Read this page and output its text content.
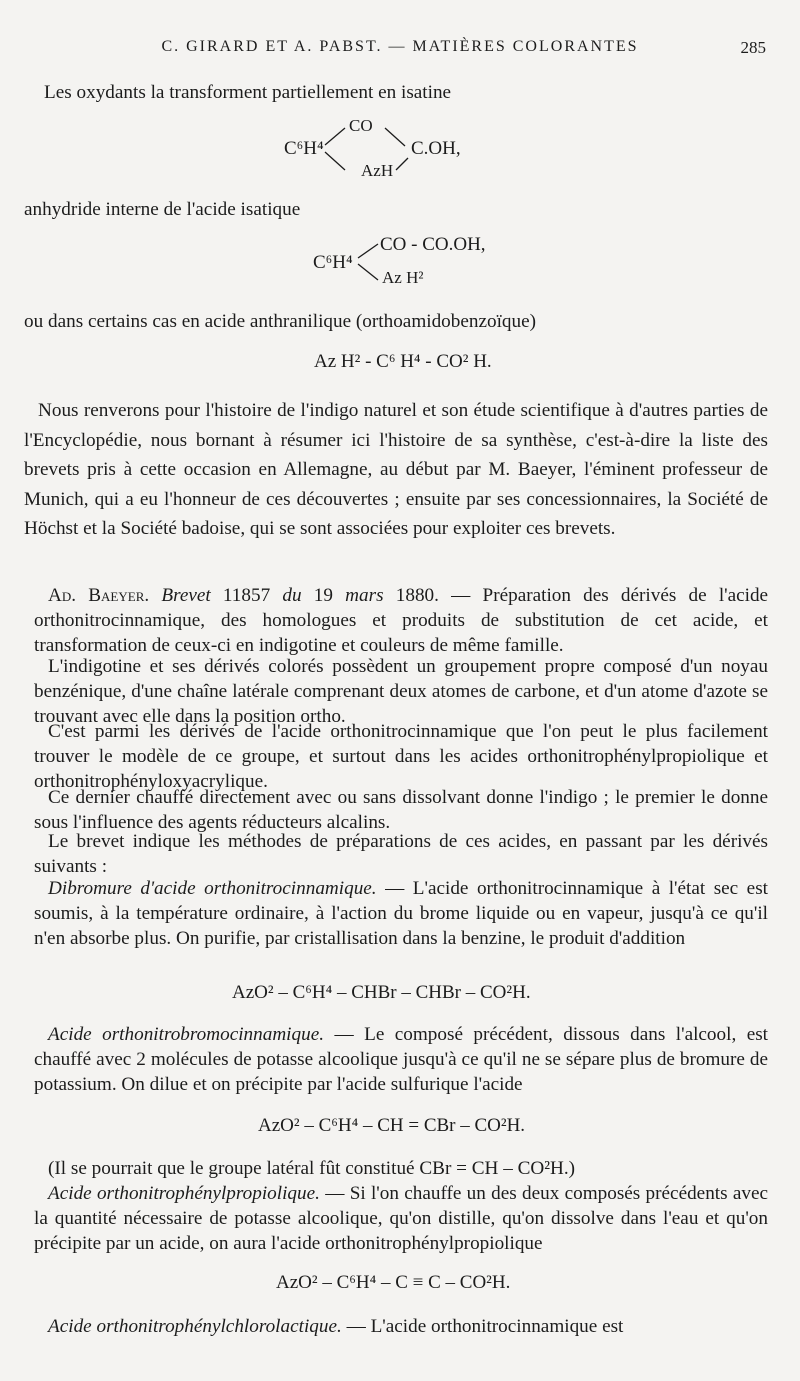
C. GIRARD ET A. PABST. — MATIÈRES COLORANTES	285
Les oxydants la transforment partiellement en isatine
C⁶H⁴
CO
C.OH,
AzH
anhydride interne de l'acide isatique
C⁶H⁴
CO - CO.OH,
Az H²
ou dans certains cas en acide anthranilique (orthoamidobenzoïque)
Az H² - C⁶ H⁴ - CO² H.
Nous renverons pour l'histoire de l'indigo naturel et son étude scientifique à d'autres parties de l'Encyclopédie, nous bornant à résumer ici l'histoire de sa synthèse, c'est-à-dire la liste des brevets pris à cette occasion en Allemagne, au début par M. Baeyer, l'éminent professeur de Munich, qui a eu l'honneur de ces découvertes ; ensuite par ses concessionnaires, la Société de Höchst et la Société badoise, qui se sont associées pour exploiter ces brevets.
Ad. Baeyer. Brevet 11857 du 19 mars 1880. — Préparation des dérivés de l'acide orthonitrocinnamique, des homologues et produits de substitution de cet acide, et transformation de ceux-ci en indigotine et couleurs de même famille.
L'indigotine et ses dérivés colorés possèdent un groupement propre composé d'un noyau benzénique, d'une chaîne latérale comprenant deux atomes de carbone, et d'un atome d'azote se trouvant avec elle dans la position ortho.
C'est parmi les dérivés de l'acide orthonitrocinnamique que l'on peut le plus facilement trouver le modèle de ce groupe, et surtout dans les acides orthonitrophénylpropiolique et orthonitrophényloxyacrylique.
Ce dernier chauffé directement avec ou sans dissolvant donne l'indigo ; le premier le donne sous l'influence des agents réducteurs alcalins.
Le brevet indique les méthodes de préparations de ces acides, en passant par les dérivés suivants :
Dibromure d'acide orthonitrocinnamique. — L'acide orthonitrocinnamique à l'état sec est soumis, à la température ordinaire, à l'action du brome liquide ou en vapeur, jusqu'à ce qu'il n'en absorbe plus. On purifie, par cristallisation dans la benzine, le produit d'addition
AzO² – C⁶H⁴ – CHBr – CHBr – CO²H.
Acide orthonitrobromocinnamique. — Le composé précédent, dissous dans l'alcool, est chauffé avec 2 molécules de potasse alcoolique jusqu'à ce qu'il ne se sépare plus de bromure de potassium. On dilue et on précipite par l'acide sulfurique l'acide
AzO² – C⁶H⁴ – CH = CBr – CO²H.
(Il se pourrait que le groupe latéral fût constitué CBr = CH – CO²H.)
Acide orthonitrophénylpropiolique. — Si l'on chauffe un des deux composés précédents avec la quantité nécessaire de potasse alcoolique, qu'on distille, qu'on dissolve dans l'eau et qu'on précipite par un acide, on aura l'acide orthonitrophénylpropiolique
AzO² – C⁶H⁴ – C ≡ C – CO²H.
Acide orthonitrophénylchlorolactique. — L'acide orthonitrocinnamique est
